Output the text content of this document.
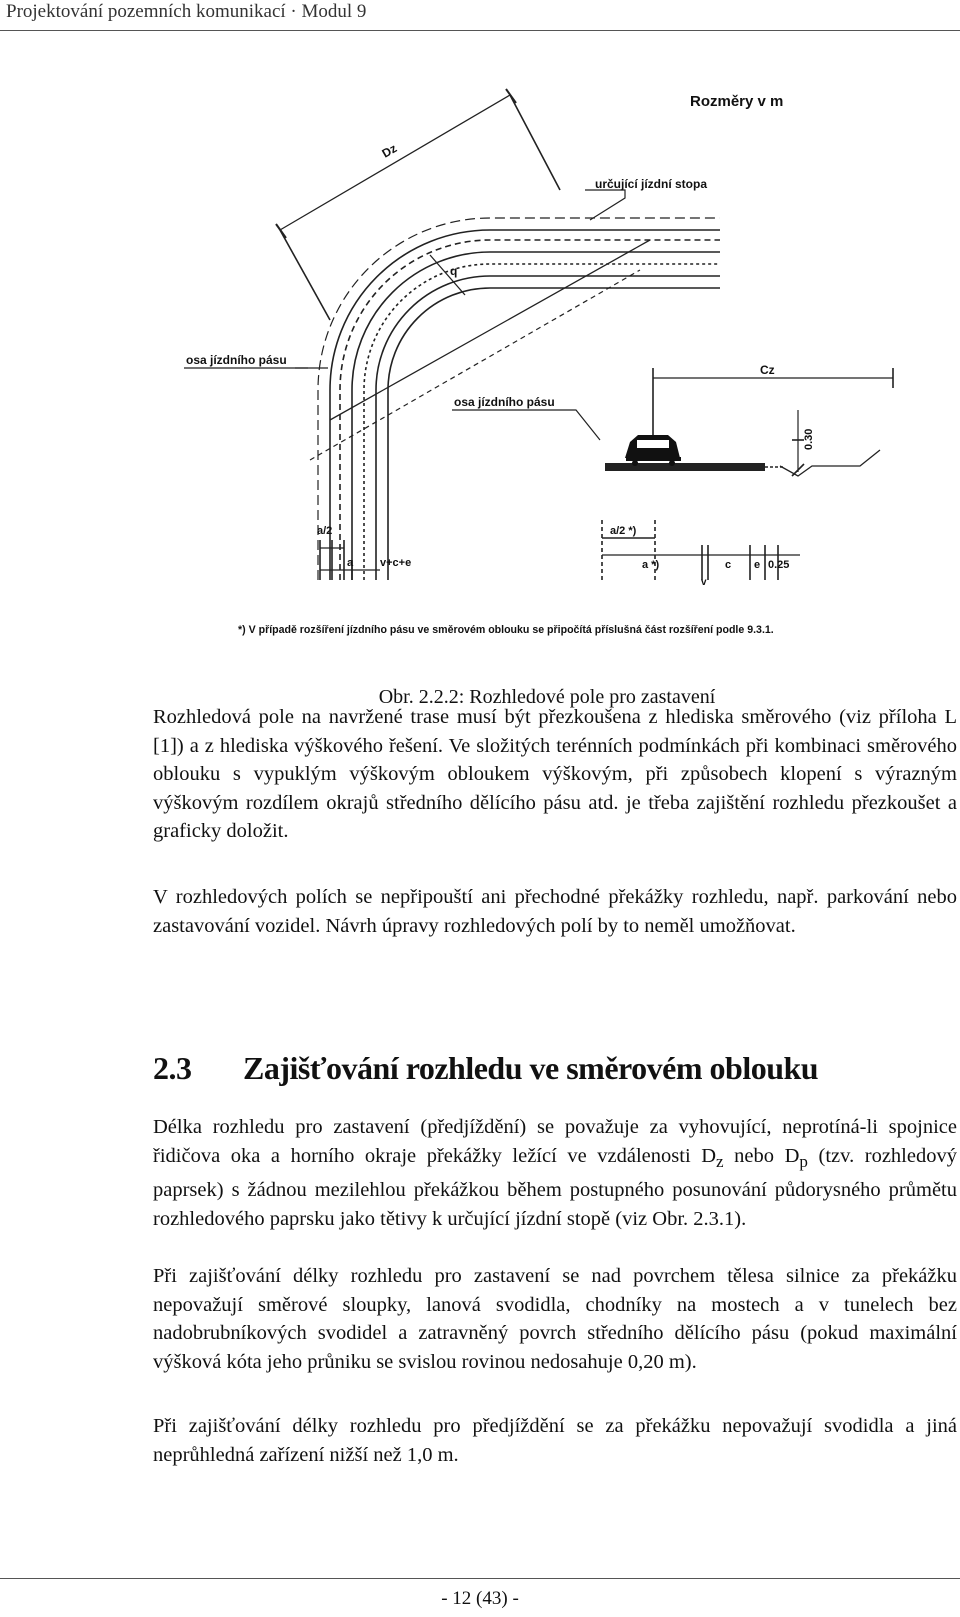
Projektování pozemních komunikací · Modul 9
Rozměry v m
Dz
q
určující jízdní stopa
osa jízdního pásu
osa jízdního pásu
Cz
0.30
a/2
a v+c+e
a/2 *)
a *)	c e 0.25
v
*) V případě rozšíření jízdního pásu ve směrovém oblouku se připočítá příslušná část rozšíření podle 9.3.1.
Obr. 2.2.2: Rozhledové pole pro zastavení
Rozhledová pole na navržené trase musí být přezkoušena z hlediska směrového (viz příloha L [1]) a z hlediska výškového řešení. Ve složitých terénních podmínkách při kombinaci směrového oblouku s vypuklým výškovým obloukem výškovým, při způsobech klopení s výrazným výškovým rozdílem okrajů středního dělícího pásu atd. je třeba zajištění rozhledu přezkoušet a graficky doložit.
V rozhledových polích se nepřipouští ani přechodné překážky rozhledu, např. parkování nebo zastavování vozidel. Návrh úpravy rozhledových polí by to neměl umožňovat.
2.3 Zajišťování rozhledu ve směrovém oblouku
Délka rozhledu pro zastavení (předjíždění) se považuje za vyhovující, neprotíná-li spojnice řidičova oka a horního okraje překážky ležící ve vzdálenosti $D_z$ nebo $D_p$ (tzv. rozhledový paprsek) s žádnou mezilehlou překážkou během postupného posunování půdorysného průmětu rozhledového paprsku jako tětivy k určující jízdní stopě (viz Obr. 2.3.1).
Při zajišťování délky rozhledu pro zastavení se nad povrchem tělesa silnice za překážku nepovažují směrové sloupky, lanová svodidla, chodníky na mostech a v tunelech bez nadobrubníkových svodidel a zatravněný povrch středního dělícího pásu (pokud maximální výšková kóta jeho průniku se svislou rovinou nedosahuje 0,20 m).
Při zajišťování délky rozhledu pro předjíždění se za překážku nepovažují svodidla a jiná neprůhledná zařízení nižší než 1,0 m.
- 12 (43) -
